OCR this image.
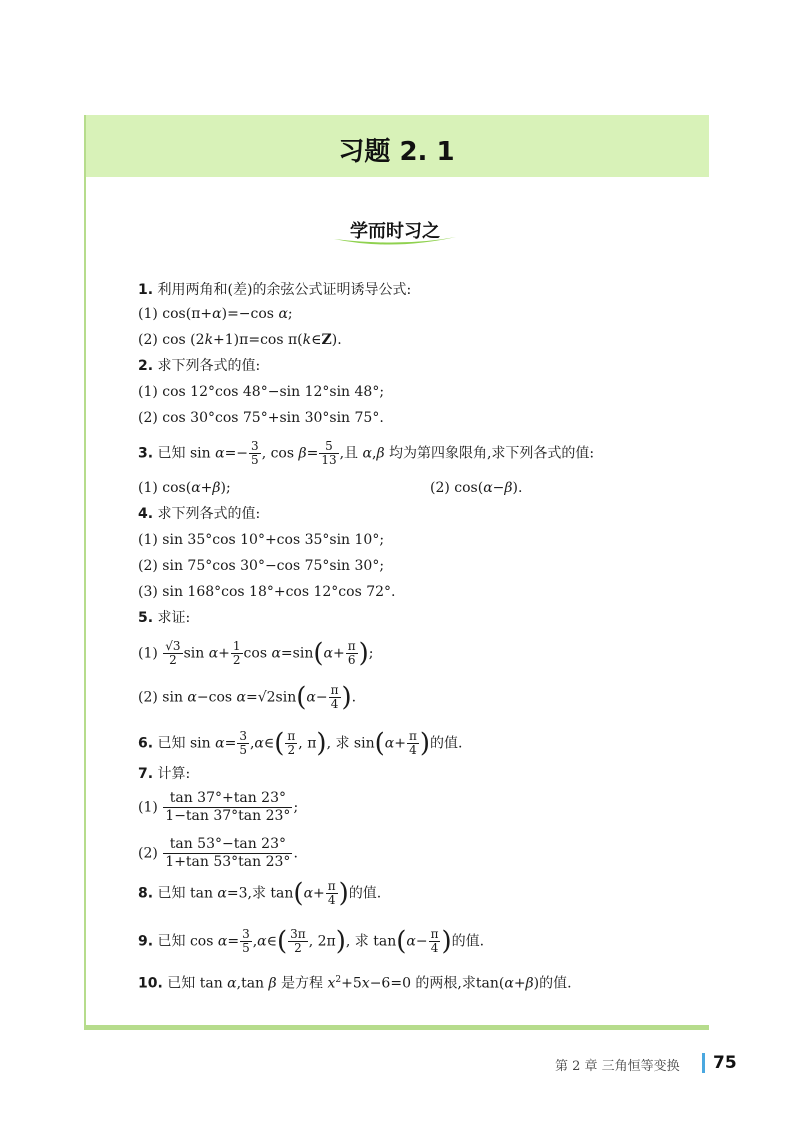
习题 2. 1
学而时习之
1. 利用两角和(差)的余弦公式证明诱导公式:
(1) cos(π+α)=−cos α;
(2) cos (2k+1)π=cos π(k∈Z).
2. 求下列各式的值:
(1) cos 12°cos 48°−sin 12°sin 48°;
(2) cos 30°cos 75°+sin 30°sin 75°.
3. 已知 $\sin \alpha=- \frac{3}{5}$ , $\cos \beta= \frac{5}{13}$ ,且 α,β 均为第四象限角,求下列各式的值:
(1) cos(α+β);	(2) cos(α−β).
4. 求下列各式的值:
(1) sin 35°cos 10°+cos 35°sin 10°;
(2) sin 75°cos 30°−cos 75°sin 30°;
(3) sin 168°cos 18°+cos 12°cos 72°.
5. 求证:
$(1) \frac{√3}{2}$ $\sin \alpha+ \frac{1}{2}$ $\cos \alpha=\sin(\alpha+ \frac{\pi}{6}$ );
(2) sin α−cos $\alpha=√2\sin(\alpha- \frac{\pi}{4}$ ).
6. 已知 $\sin \alpha= \frac{3}{5}$ ,α∈( $\frac{\pi}{2}$ , π), 求 $\sin(\alpha+ \frac{\pi}{4}$ )的值.
7. 计算:
$(1) \frac{\tan 37^\circ+\tan 23^\circ}{1-\tan 37^\circ\tan 23^\circ}$ ;
$(2) \frac{\tan 53^\circ-\tan 23^\circ}{1+\tan 53^\circ\tan 23^\circ}$ .
8. 已知 tan α=3,求 $\tan(\alpha+ \frac{\pi}{4}$ )的值.
9. 已知 $\cos \alpha= \frac{3}{5}$ ,α∈( $\frac{3\pi}{2}$ , 2π), 求 $\tan(\alpha- \frac{\pi}{4}$ )的值.
10. 已知 tan α,tan β 是方程 $x^2+5x-6=0$ 的两根,求tan(α+β)的值.
第 2 章 三角恒等变换 75
